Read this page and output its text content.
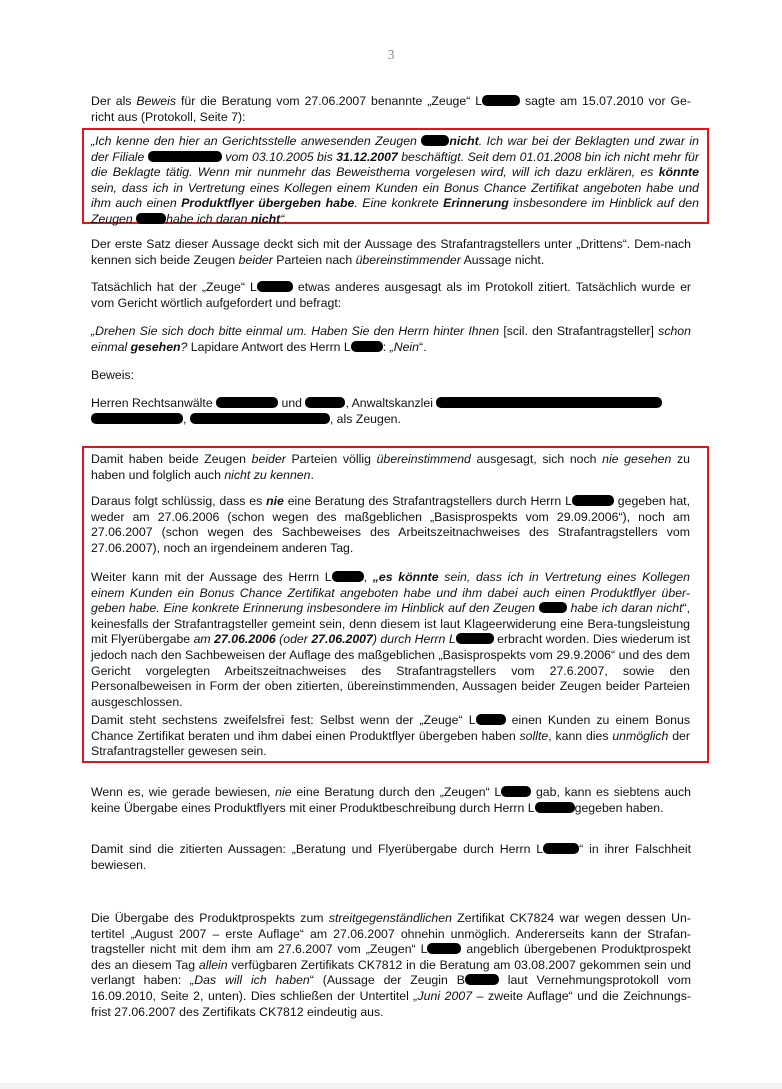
3
Der als Beweis für die Beratung vom 27.06.2007 benannte „Zeuge“ L	sagte am 15.07.2010 vor Ge-richt aus (Protokoll, Seite 7):
„Ich kenne den hier an Gerichtsstelle anwesenden Zeugen nicht. Ich war bei der Beklagten und zwar in der Filiale	vom 03.10.2005 bis 31.12.2007 beschäftigt. Seit dem 01.01.2008 bin ich nicht mehr für die Beklagte tätig. Wenn mir nunmehr das Beweisthema vorgelesen wird, will ich dazu erklären, es könnte sein, dass ich in Vertretung eines Kollegen einem Kunden ein Bonus Chance Zertifikat angeboten habe und ihm auch einen Produktflyer übergeben habe. Eine konkrete Erinnerung insbesondere im Hinblick auf den Zeugen habe ich daran nicht“.
Der erste Satz dieser Aussage deckt sich mit der Aussage des Strafantragstellers unter „Drittens“. Dem-nach kennen sich beide Zeugen beider Parteien nach übereinstimmender Aussage nicht.
Tatsächlich hat der „Zeuge“ L	etwas anderes ausgesagt als im Protokoll zitiert. Tatsächlich wurde er vom Gericht wörtlich aufgefordert und befragt:
„Drehen Sie sich doch bitte einmal um. Haben Sie den Herrn hinter Ihnen [scil. den Strafantragsteller] schon einmal gesehen? Lapidare Antwort des Herrn L	: „Nein“.
Beweis:
Herren Rechtsanwälte	und	, Anwaltskanzlei
,	, als Zeugen.
Damit haben beide Zeugen beider Parteien völlig übereinstimmend ausgesagt, sich noch nie gesehen zu haben und folglich auch nicht zu kennen.
Daraus folgt schlüssig, dass es nie eine Beratung des Strafantragstellers durch Herrn L	gegeben hat, weder am 27.06.2006 (schon wegen des maßgeblichen „Basisprospekts vom 29.09.2006“), noch am 27.06.2007 (schon wegen des Sachbeweises des Arbeitszeitnachweises des Strafantragstellers vom 27.06.2007), noch an irgendeinem anderen Tag.
Weiter kann mit der Aussage des Herrn L	, „es könnte sein, dass ich in Vertretung eines Kollegen einem Kunden ein Bonus Chance Zertifikat angeboten habe und ihm dabei auch einen Produktflyer über-geben habe. Eine konkrete Erinnerung insbesondere im Hinblick auf den Zeugen  habe ich daran nicht“, keinesfalls der Strafantragsteller gemeint sein, denn diesem ist laut Klageerwiderung eine Bera-tungsleistung mit Flyerübergabe am 27.06.2006 (oder 27.06.2007) durch Herrn L	erbracht worden. Dies wiederum ist jedoch nach den Sachbeweisen der Auflage des maßgeblichen „Basisprospekts vom 29.9.2006“ und des dem Gericht vorgelegten Arbeitszeitnachweises des Strafantragstellers vom 27.6.2007, sowie den Personalbeweisen in Form der oben zitierten, übereinstimmenden, Aussagen beider Zeugen beider Parteien ausgeschlossen.
Damit steht sechstens zweifelsfrei fest: Selbst wenn der „Zeuge“ L einen Kunden zu einem Bonus Chance Zertifikat beraten und ihm dabei einen Produktflyer übergeben haben sollte, kann dies unmöglich der Strafantragsteller gewesen sein.
Wenn es, wie gerade bewiesen, nie eine Beratung durch den „Zeugen“ L gab, kann es siebtens auch keine Übergabe eines Produktflyers mit einer Produktbeschreibung durch Herrn L	gegeben haben.
Damit sind die zitierten Aussagen: „Beratung und Flyerübergabe durch Herrn L	“ in ihrer Falschheit bewiesen.
Die Übergabe des Produktprospekts zum streitgegenständlichen Zertifikat CK7824 war wegen dessen Un-tertitel „August 2007 – erste Auflage“ am 27.06.2007 ohnehin unmöglich. Andererseits kann der Strafan-tragsteller nicht mit dem ihm am 27.6.2007 vom „Zeugen“ L	angeblich übergebenen Produktprospekt des an diesem Tag allein verfügbaren Zertifikats CK7812 in die Beratung am 03.08.2007 gekommen sein und verlangt haben: „Das will ich haben“ (Aussage der Zeugin B	laut Vernehmungsprotokoll vom 16.09.2010, Seite 2, unten). Dies schließen der Untertitel „Juni 2007 – zweite Auflage“ und die Zeichnungs-frist 27.06.2007 des Zertifikats CK7812 eindeutig aus.
